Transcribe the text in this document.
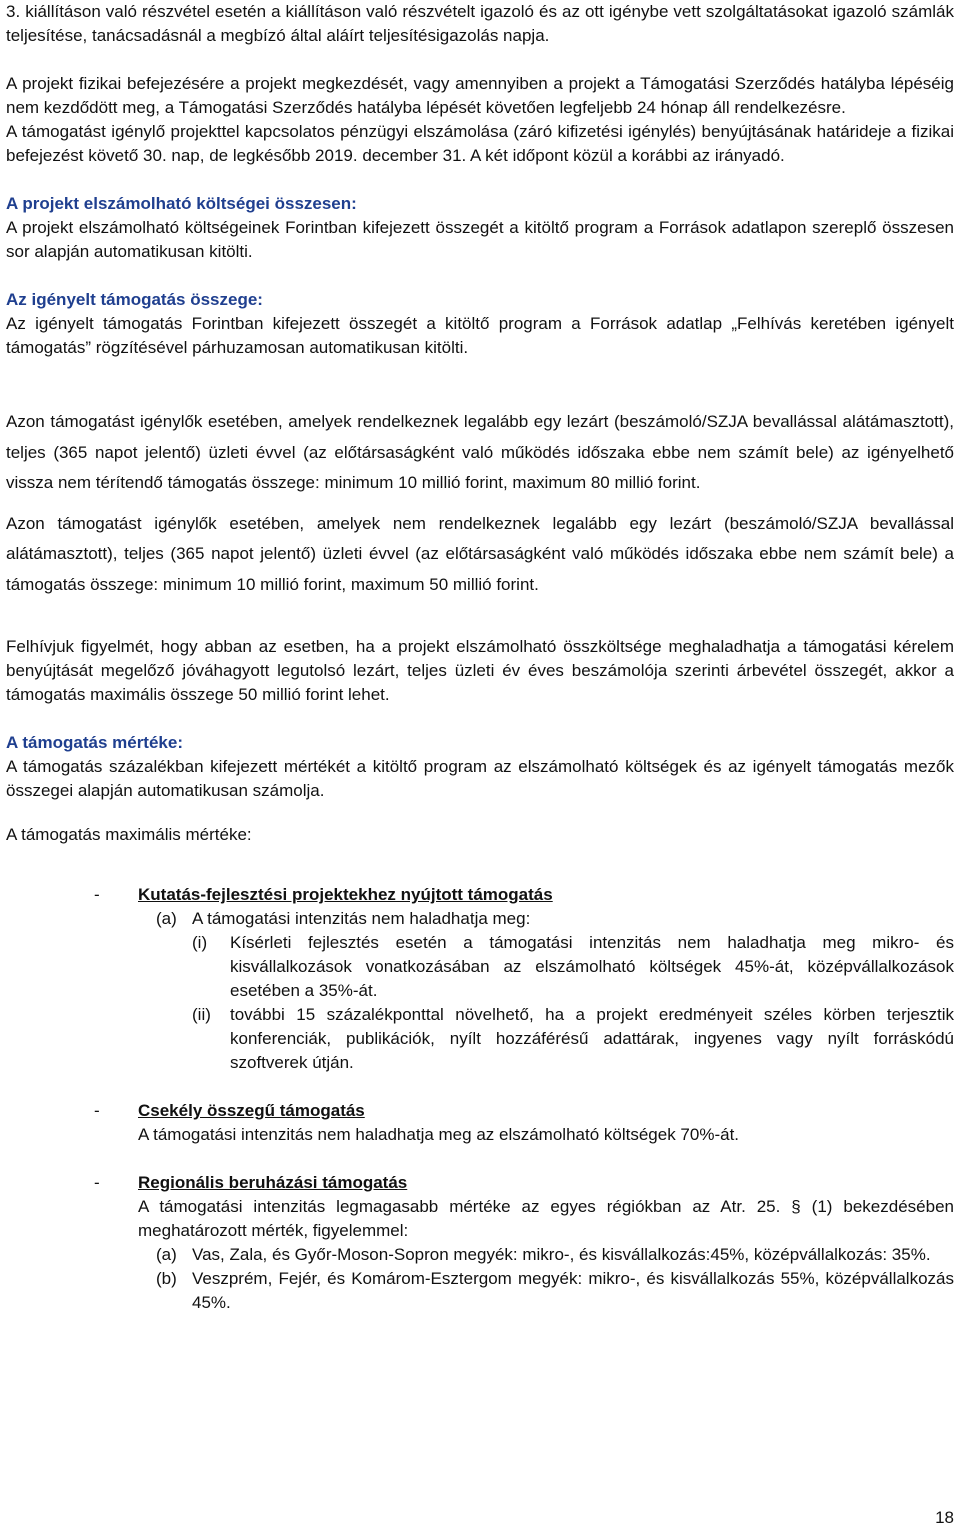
3. kiállításon való részvétel esetén a kiállításon való részvételt igazoló és az ott igénybe vett szolgáltatásokat igazoló számlák teljesítése, tanácsadásnál a megbízó által aláírt teljesítésigazolás napja.

A projekt fizikai befejezésére a projekt megkezdését, vagy amennyiben a projekt a Támogatási Szerződés hatályba lépéséig nem kezdődött meg, a Támogatási Szerződés hatályba lépését követően legfeljebb 24 hónap áll rendelkezésre.

A támogatást igénylő projekttel kapcsolatos pénzügyi elszámolása (záró kifizetési igénylés) benyújtásának határideje a fizikai befejezést követő 30. nap, de legkésőbb 2019. december 31. A két időpont közül a korábbi az irányadó.

A projekt elszámolható költségei összesen:

A projekt elszámolható költségeinek Forintban kifejezett összegét a kitöltő program a Források adatlapon szereplő összesen sor alapján automatikusan kitölti.

Az igényelt támogatás összege:

Az igényelt támogatás Forintban kifejezett összegét a kitöltő program a Források adatlap „Felhívás keretében igényelt támogatás” rögzítésével párhuzamosan automatikusan kitölti.

Azon támogatást igénylők esetében, amelyek rendelkeznek legalább egy lezárt (beszámoló/SZJA bevallással alátámasztott), teljes (365 napot jelentő) üzleti évvel (az előtársaságként való működés időszaka ebbe nem számít bele) az igényelhető vissza nem térítendő támogatás összege: minimum 10 millió forint, maximum 80 millió forint.

Azon támogatást igénylők esetében, amelyek nem rendelkeznek legalább egy lezárt (beszámoló/SZJA bevallással alátámasztott), teljes (365 napot jelentő) üzleti évvel (az előtársaságként való működés időszaka ebbe nem számít bele) a támogatás összege: minimum 10 millió forint, maximum 50 millió forint.

Felhívjuk figyelmét, hogy abban az esetben, ha a projekt elszámolható összköltsége meghaladhatja a támogatási kérelem benyújtását megelőző jóváhagyott legutolsó lezárt, teljes üzleti év éves beszámolója szerinti árbevétel összegét, akkor a támogatás maximális összege 50 millió forint lehet.

A támogatás mértéke:

A támogatás százalékban kifejezett mértékét a kitöltő program az elszámolható költségek és az igényelt támogatás mezők összegei alapján automatikusan számolja.

A támogatás maximális mértéke:

- Kutatás-fejlesztési projektekhez nyújtott támogatás
(a) A támogatási intenzitás nem haladhatja meg:

(i) Kísérleti fejlesztés esetén a támogatási intenzitás nem haladhatja meg mikro- és kisvállalkozások vonatkozásában az elszámolható költségek 45%-át, középvállalkozások esetében a 35%-át.

(ii) további 15 százalékponttal növelhető, ha a projekt eredményeit széles körben terjesztik konferenciák, publikációk, nyílt hozzáférésű adattárak, ingyenes vagy nyílt forráskódú szoftverek útján.

- Csekély összegű támogatás

A támogatási intenzitás nem haladhatja meg az elszámolható költségek 70%-át.

- Regionális beruházási támogatás

A támogatási intenzitás legmagasabb mértéke az egyes régiókban az Atr. 25. § (1) bekezdésében meghatározott mérték, figyelemmel:

(a) Vas, Zala, és Győr-Moson-Sopron megyék: mikro-, és kisvállalkozás:45%, középvállalkozás: 35%.

(b) Veszprém, Fejér, és Komárom-Esztergom megyék: mikro-, és kisvállalkozás 55%, középvállalkozás 45%.

18
